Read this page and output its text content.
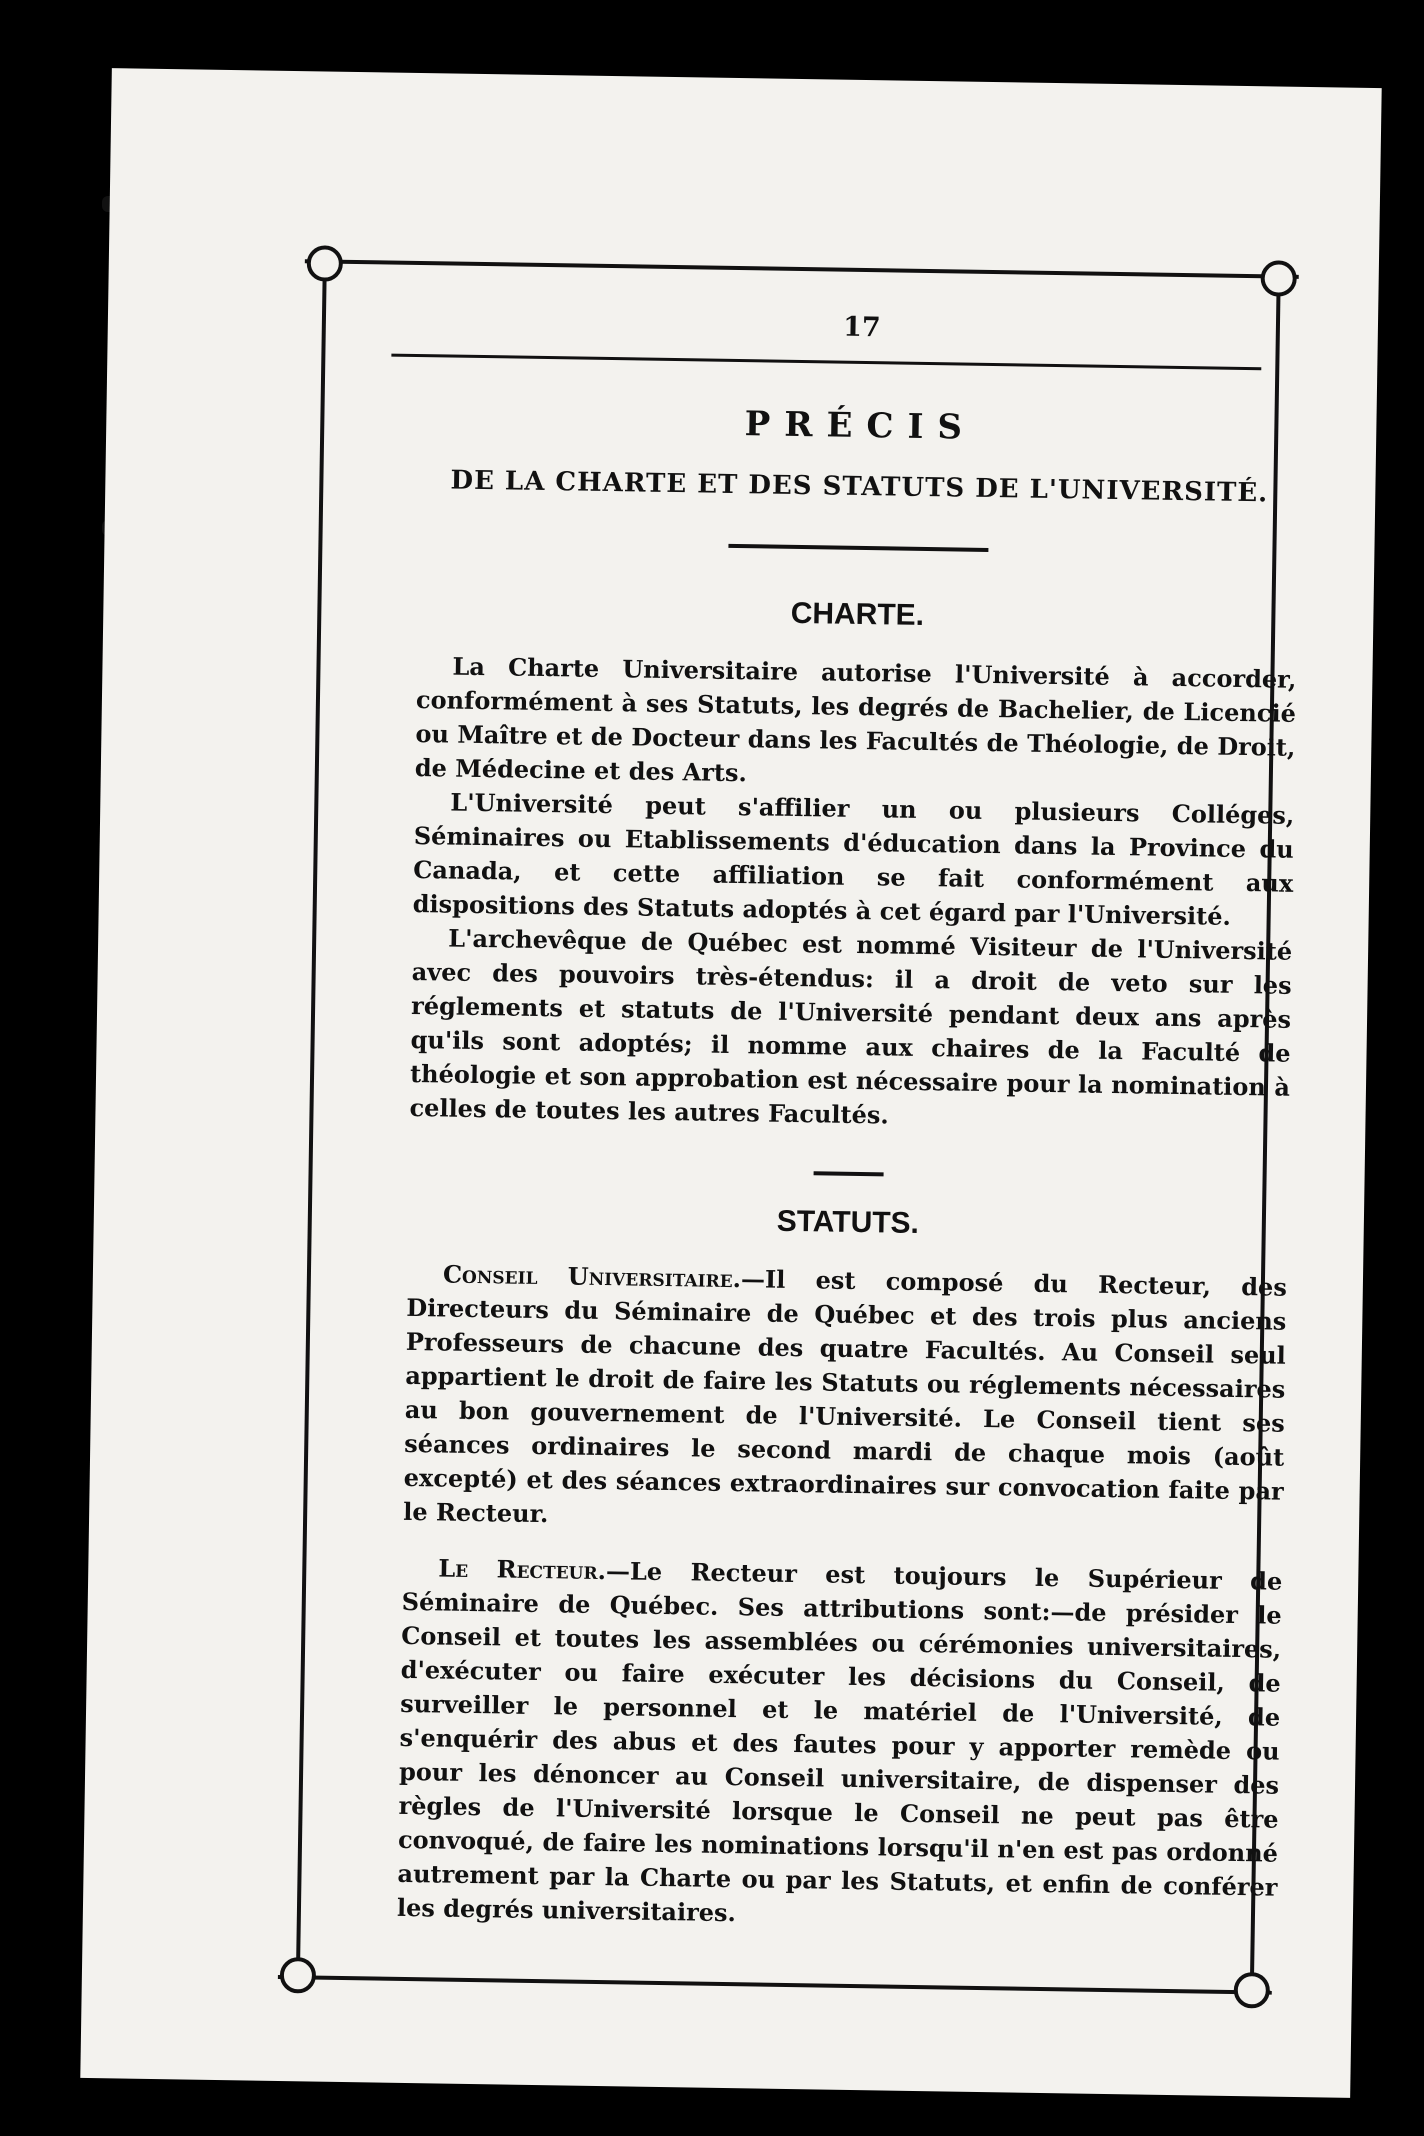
17
PRÉCIS
DE LA CHARTE ET DES STATUTS DE L'UNIVERSITÉ.
CHARTE.

La Charte Universitaire autorise l'Université à accorder, conformément à ses Statuts, les degrés de Bachelier, de Licencié ou Maître et de Docteur dans les Facultés de Théologie, de Droit, de Médecine et des Arts.

L'Université peut s'affilier un ou plusieurs Colléges, Séminaires ou Etablissements d'éducation dans la Province du Canada, et cette affiliation se fait conformément aux dispositions des Statuts adoptés à cet égard par l'Université.

L'archevêque de Québec est nommé Visiteur de l'Université avec des pouvoirs très-étendus: il a droit de veto sur les réglements et statuts de l'Université pendant deux ans après qu'ils sont adoptés; il nomme aux chaires de la Faculté de théologie et son approbation est nécessaire pour la nomination à celles de toutes les autres Facultés.

STATUTS.

Conseil Universitaire.—Il est composé du Recteur, des Directeurs du Séminaire de Québec et des trois plus anciens Professeurs de chacune des quatre Facultés. Au Conseil seul appartient le droit de faire les Statuts ou réglements nécessaires au bon gouvernement de l'Université. Le Conseil tient ses séances ordinaires le second mardi de chaque mois (août excepté) et des séances extraordinaires sur convocation faite par le Recteur.

Le Recteur.—Le Recteur est toujours le Supérieur de Séminaire de Québec. Ses attributions sont:—de présider le Conseil et toutes les assemblées ou cérémonies universitaires, d'exécuter ou faire exécuter les décisions du Conseil, de surveiller le personnel et le matériel de l'Université, de s'enquérir des abus et des fautes pour y apporter remède ou pour les dénoncer au Conseil universitaire, de dispenser des règles de l'Université lorsque le Conseil ne peut pas être convoqué, de faire les nominations lorsqu'il n'en est pas ordonné autrement par la Charte ou par les Statuts, et enfin de conférer les degrés universitaires.
